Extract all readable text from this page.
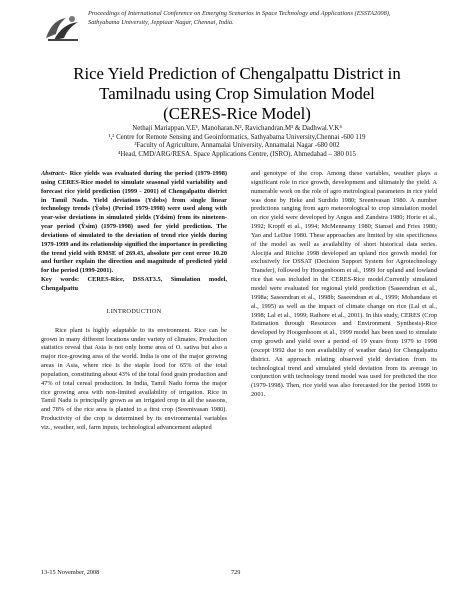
Proceedings of International Conference on Emerging Scenarios in Space Technology and Applications (ESSTA2008),
Sathyabama University, Jeppiaar Nagar, Chennai, India.
Rice Yield Prediction of Chengalpattu District in
Tamilnadu using Crop Simulation Model
(CERES-Rice Model)
Nethaji Mariappan.V.E¹, Manoharan.N², Ravichandran.M³ & Dadhwal.V.K⁴
¹,² Centre for Remote Sensing and Geoinformatics, Sathyabama University,Chennai -600 119
³Faculty of Agriculture, Annamalai University, Annamalai Nagar -680 002
⁴Head, CMD/ARG/RESA. Space Applications Centre, (ISRO), Ahmedabad – 380 015

Abstract:- Rice yields was evaluated during the period (1979-1998) using CERES-Rice model to simulate seasonal yield variability and forecast rice yield prediction (1999 - 2001) of Chengalpattu district in Tamil Nadu. Yield deviations (Ydobs) from single linear technology trends (Ŷobs) (Period 1979-1998) were used along with year-wise deviations in simulated yields (Ydsim) from its nineteen-year period (Ŷsim) (1979-1998) used for yield prediction. The deviations of simulated to the deviation of trend rice yields during 1979-1999 and its relationship signified the importance in predicting the trend yield with RMSE of 269.43, absolute per cent error 10.20 and further explain the direction and magnitude of predicted yield for the period (1999-2001).

Key words: CERES-Rice, DSSAT3.5, Simulation model, Chengalpattu

I.INTRODUCTION

Rice plant is highly adaptable to its environment. Rice can be grown in many different locations under variety of climates. Production statistics reveal that Asia is not only home area of O. sativa but also a major rice-growing area of the world. India is one of the major growing areas in Asia, where rice is the staple food for 65% of the total population, constituting about 43% of the total food grain production and 47% of total cereal production. In India, Tamil Nadu forms the major rice growing area with non-limited availability of irrigation. Rice in Tamil Nadu is principally grown as an irrigated crop in all the seasons, and 78% of the rice area is planted to a first crop (Sreenivasan 1980). Productivity of the crop is determined by its environmental variables viz., weather, soil, farm inputs, technological advancement adapted

and genotype of the crop. Among these variables, weather plays a significant role in rice growth, development and ultimately the yield. A numerable work on the role of agro metrological parameters in rice yield was done by Heke and Surdido 1980; Sreenivasan 1980. A number predictions ranging from agro meteorological to crop simulation model on rice yield were developed by Angus and Zandstra 1980; Horie et al., 1992; Kropff et al., 1994; McMennamy 1980; Stansel and Fries 1980; Yao and LeDue 1980. These approaches are limited by site specificness of the model as well as availability of short historical data series. Alocijia and Ritchie 1998 developed an upland rice growth model for exclusively for DSSAT (Decision Support System for Agrotechnology Transfer), followed by Hoogenboom et al., 1999 for upland and lowland rice that was included in the CERES-Rice model.Currently simulated model were evaluated for regional yield prediction (Saseendran et al., 1998a; Saseendran et al., 1998b; Saseendran et al., 1999; Mohandass et al., 1995) as well as the impact of climate change on rice (Lal et al., 1998; Lal et al., 1999; Rathore et al., 2001). In this study, CERES (Crop Estimation through Resources and Environment Synthesis)-Rice developed by Hoogenboom et al., 1999 model has been used to simulate crop growth and yield over a period of 19 years from 1979 to 1998 (except 1992 due to non availability of weather data) for Chengalpattu district. An approach relating observed yield deviation from its technological trend and simulated yield deviation from its average in conjunction with technology trend model was used for predicted the rice (1979-1998). Then, rice yield was also forecasted for the period 1999 to 2001.

13-15 November, 2008	729
